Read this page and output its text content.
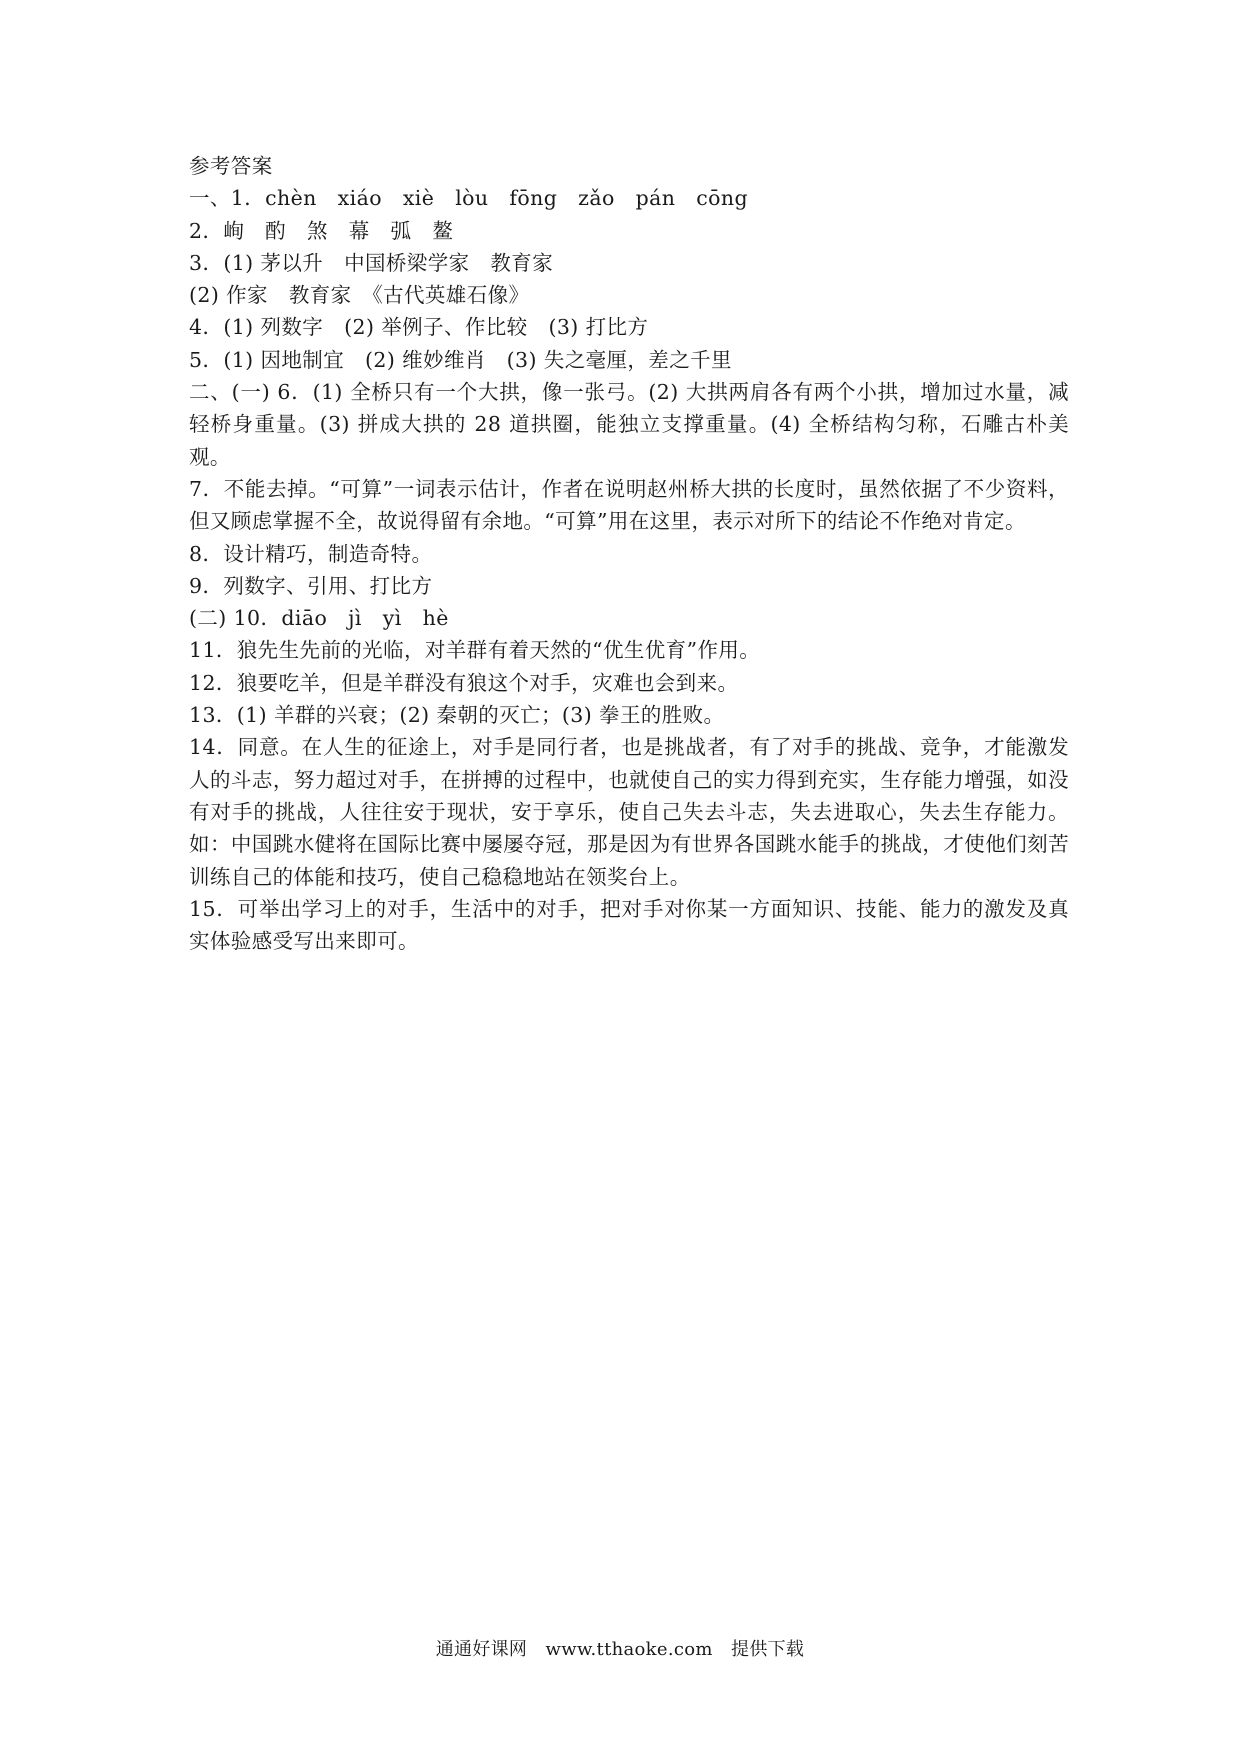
参考答案
一、1．chèn　xiáo　xiè　lòu　fōng　zǎo　pán　cōng
2．峋　酌　煞　幕　弧　鳌
3．(1) 茅以升　中国桥梁学家　教育家
(2) 作家　教育家　《古代英雄石像》
4．(1) 列数字　(2) 举例子、作比较　(3) 打比方
5．(1) 因地制宜　(2) 维妙维肖　(3) 失之毫厘，差之千里
二、(一) 6．(1) 全桥只有一个大拱，像一张弓。(2) 大拱两肩各有两个小拱，增加过水量，减轻桥身重量。(3) 拼成大拱的 28 道拱圈，能独立支撑重量。(4) 全桥结构匀称，石雕古朴美观。
7．不能去掉。“可算”一词表示估计，作者在说明赵州桥大拱的长度时，虽然依据了不少资料，但又顾虑掌握不全，故说得留有余地。“可算”用在这里，表示对所下的结论不作绝对肯定。
8．设计精巧，制造奇特。
9．列数字、引用、打比方
(二) 10．diāo　jì　yì　hè
11．狼先生先前的光临，对羊群有着天然的“优生优育”作用。
12．狼要吃羊，但是羊群没有狼这个对手，灾难也会到来。
13．(1) 羊群的兴衰；(2) 秦朝的灭亡；(3) 拳王的胜败。
14．同意。在人生的征途上，对手是同行者，也是挑战者，有了对手的挑战、竞争，才能激发人的斗志，努力超过对手，在拼搏的过程中，也就使自己的实力得到充实，生存能力增强，如没有对手的挑战，人往往安于现状，安于享乐，使自己失去斗志，失去进取心，失去生存能力。如：中国跳水健将在国际比赛中屡屡夺冠，那是因为有世界各国跳水能手的挑战，才使他们刻苦训练自己的体能和技巧，使自己稳稳地站在领奖台上。
15．可举出学习上的对手，生活中的对手，把对手对你某一方面知识、技能、能力的激发及真实体验感受写出来即可。
通通好课网　www.tthaoke.com　提供下载
